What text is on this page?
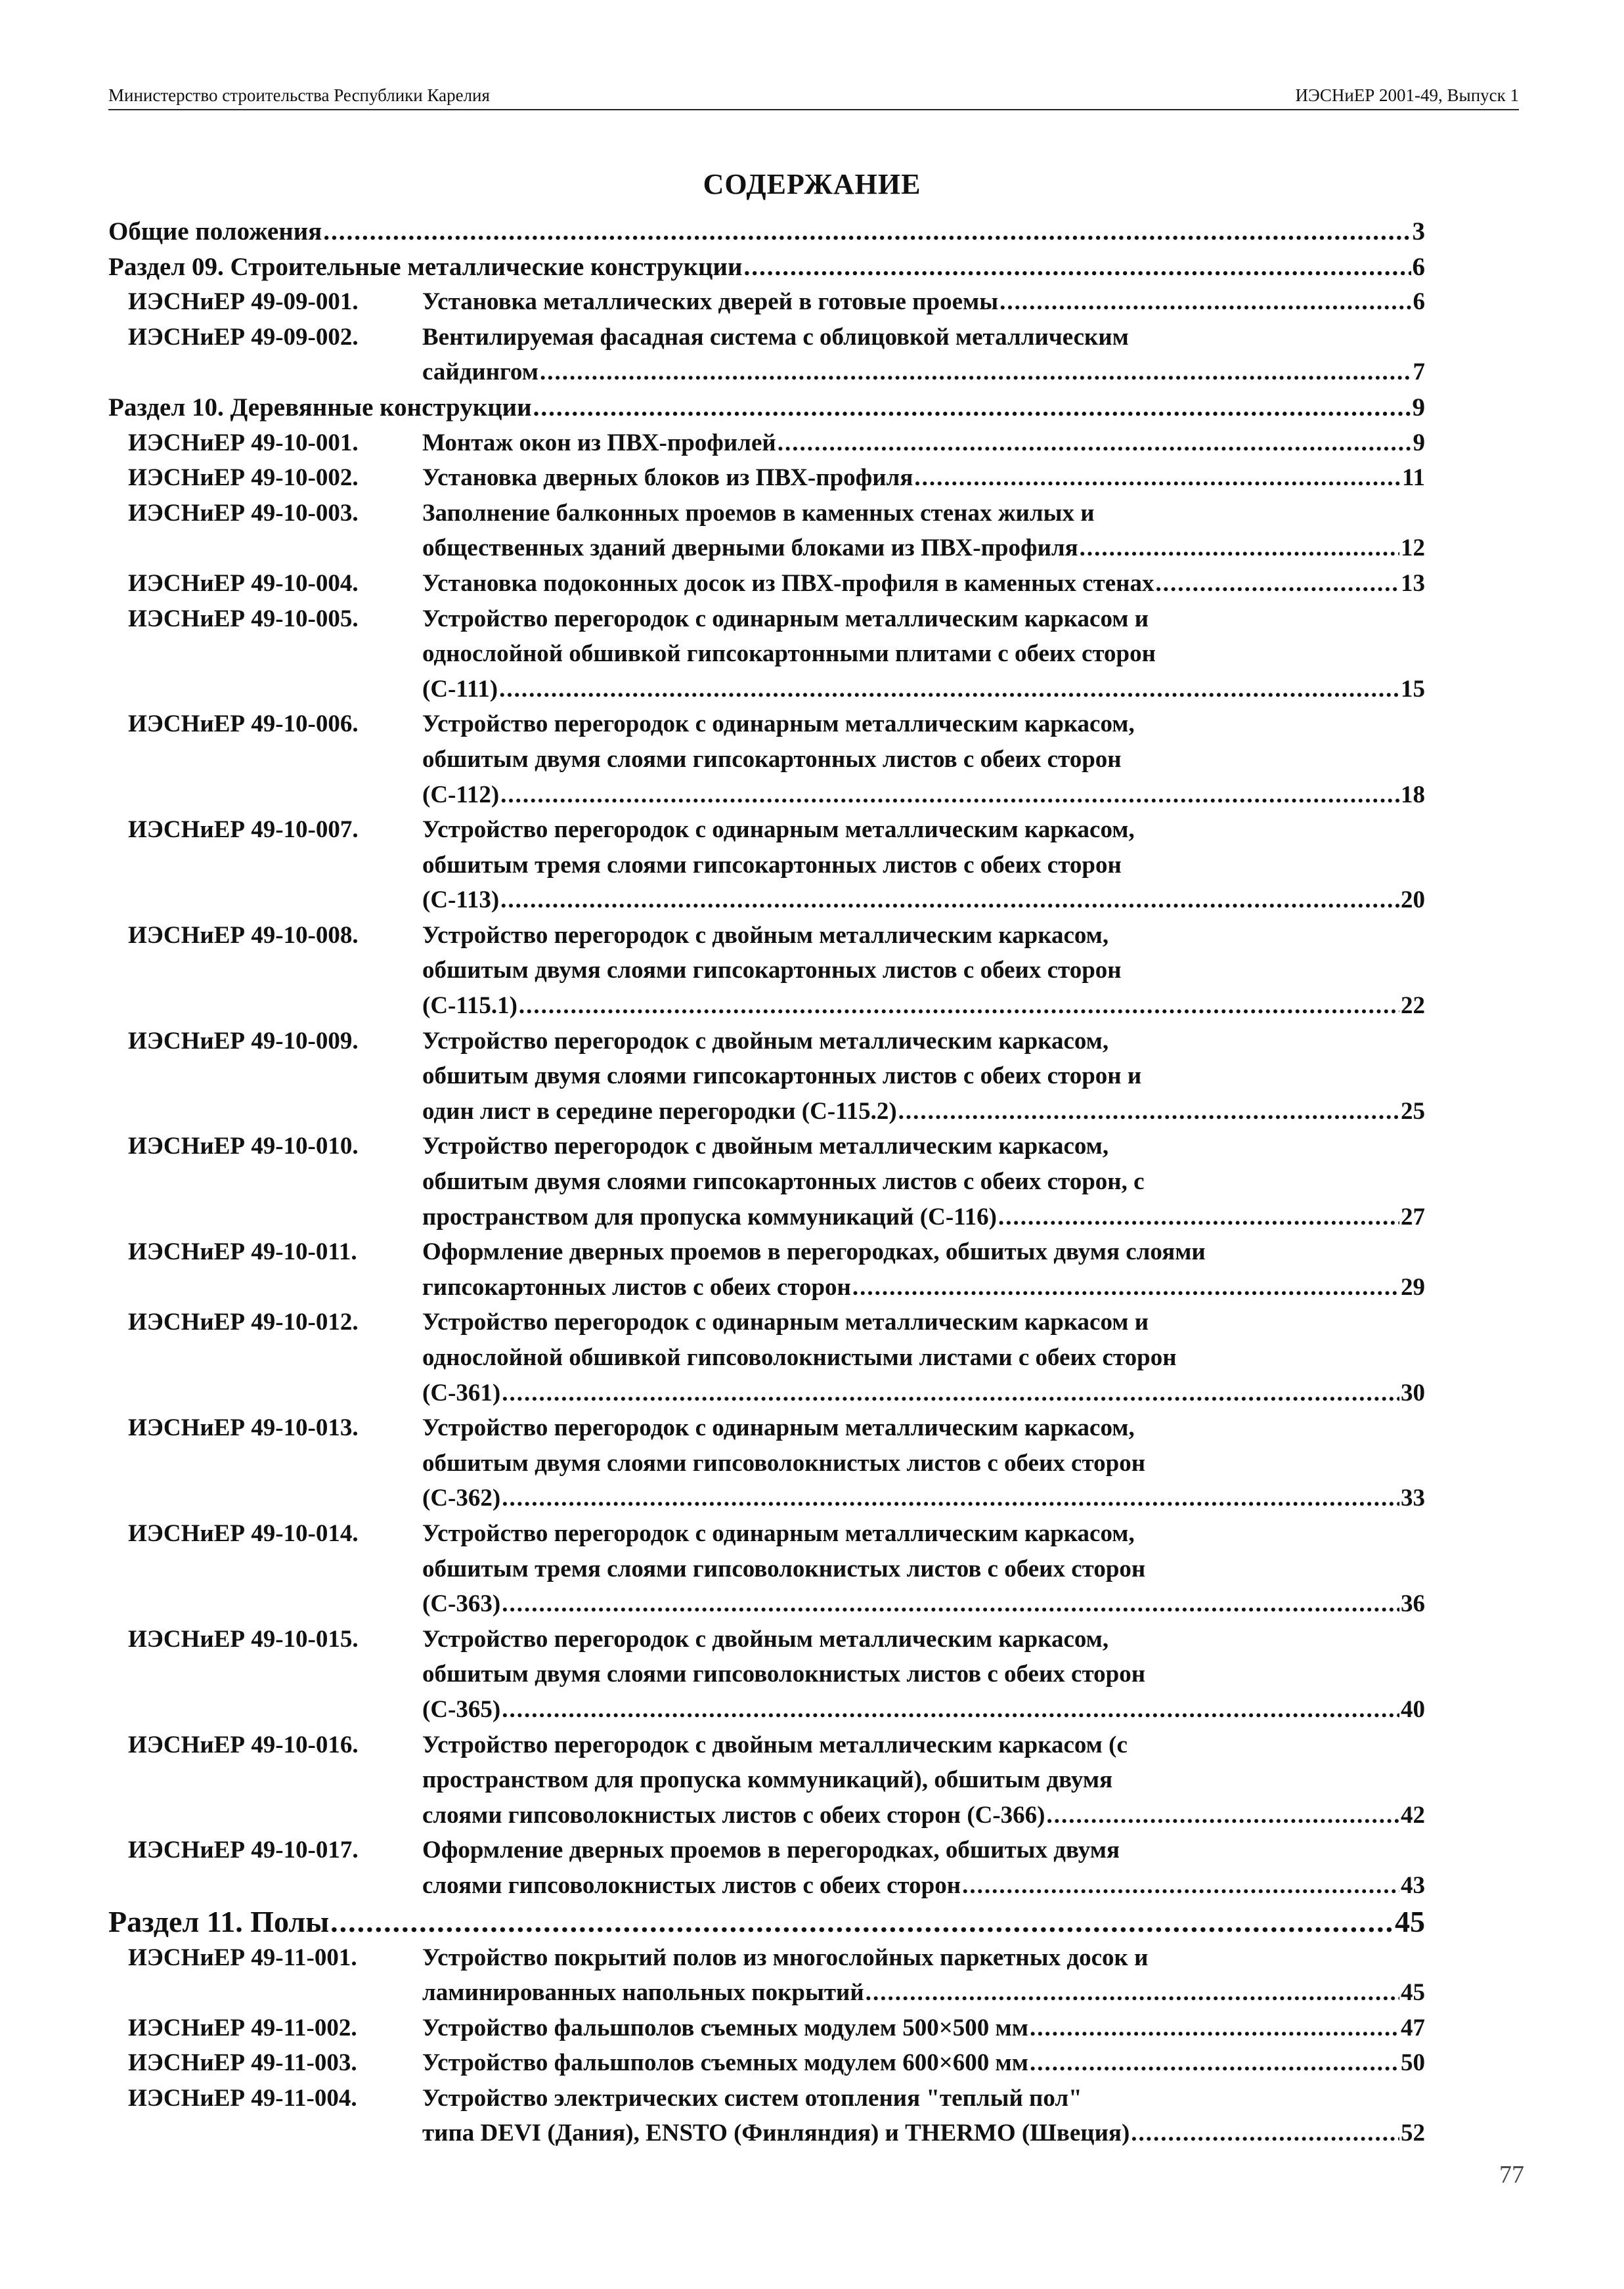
Министерство строительства Республики Карелия	ИЭСНиЕР 2001-49, Выпуск 1
СОДЕРЖАНИЕ
Общие положения .....	3
Раздел 09. Строительные металлические конструкции .....	6
ИЭСНиЕР 49-09-001.	Установка металлических дверей в готовые проемы .....	6
ИЭСНиЕР 49-09-002.	Вентилируемая фасадная система с облицовкой металлическим
сайдингом .....	7
Раздел 10. Деревянные конструкции .....	9
ИЭСНиЕР 49-10-001.	Монтаж окон из ПВХ-профилей .....	9
ИЭСНиЕР 49-10-002.	Установка дверных блоков из ПВХ-профиля .....	11
ИЭСНиЕР 49-10-003.	Заполнение балконных проемов в каменных стенах жилых и
общественных зданий дверными блоками из ПВХ-профиля .....	12
ИЭСНиЕР 49-10-004.	Установка подоконных досок из ПВХ-профиля в каменных стенах .....	13
ИЭСНиЕР 49-10-005.	Устройство перегородок с одинарным металлическим каркасом и
однослойной обшивкой гипсокартонными плитами с обеих сторон
(С-111) .....	15
ИЭСНиЕР 49-10-006.	Устройство перегородок с одинарным металлическим каркасом,
обшитым двумя слоями гипсокартонных листов с обеих сторон
(С-112) .....	18
ИЭСНиЕР 49-10-007.	Устройство перегородок с одинарным металлическим каркасом,
обшитым тремя слоями гипсокартонных листов с обеих сторон
(С-113) .....	20
ИЭСНиЕР 49-10-008.	Устройство перегородок с двойным металлическим каркасом,
обшитым двумя слоями гипсокартонных листов с обеих сторон
(С-115.1) .....	22
ИЭСНиЕР 49-10-009.	Устройство перегородок с двойным металлическим каркасом,
обшитым двумя слоями гипсокартонных листов с обеих сторон и
один лист в середине перегородки (С-115.2) .....	25
ИЭСНиЕР 49-10-010.	Устройство перегородок с двойным металлическим каркасом,
обшитым двумя слоями гипсокартонных листов с обеих сторон, с
пространством для пропуска коммуникаций (С-116) .....	27
ИЭСНиЕР 49-10-011.	Оформление дверных проемов в перегородках, обшитых двумя слоями
гипсокартонных листов с обеих сторон .....	29
ИЭСНиЕР 49-10-012.	Устройство перегородок с одинарным металлическим каркасом и
однослойной обшивкой гипсоволокнистыми листами с обеих сторон
(С-361) .....	30
ИЭСНиЕР 49-10-013.	Устройство перегородок с одинарным металлическим каркасом,
обшитым двумя слоями гипсоволокнистых листов с обеих сторон
(С-362) .....	33
ИЭСНиЕР 49-10-014.	Устройство перегородок с одинарным металлическим каркасом,
обшитым тремя слоями гипсоволокнистых листов с обеих сторон
(С-363) .....	36
ИЭСНиЕР 49-10-015.	Устройство перегородок с двойным металлическим каркасом,
обшитым двумя слоями гипсоволокнистых листов с обеих сторон
(С-365) .....	40
ИЭСНиЕР 49-10-016.	Устройство перегородок с двойным металлическим каркасом (с
пространством для пропуска коммуникаций), обшитым двумя
слоями гипсоволокнистых листов с обеих сторон (С-366) .....	42
ИЭСНиЕР 49-10-017.	Оформление дверных проемов в перегородках, обшитых двумя
слоями гипсоволокнистых листов с обеих сторон .....	43
Раздел 11. Полы .....	45
ИЭСНиЕР 49-11-001.	Устройство покрытий полов из многослойных паркетных досок и
ламинированных напольных покрытий .....	45
ИЭСНиЕР 49-11-002.	Устройство фальшполов съемных модулем 500×500 мм .....	47
ИЭСНиЕР 49-11-003.	Устройство фальшполов съемных модулем 600×600 мм .....	50
ИЭСНиЕР 49-11-004.	Устройство электрических систем отопления "теплый пол"
типа DEVI (Дания), ENSTO (Финляндия) и THERMO (Швеция) .....	52
77
